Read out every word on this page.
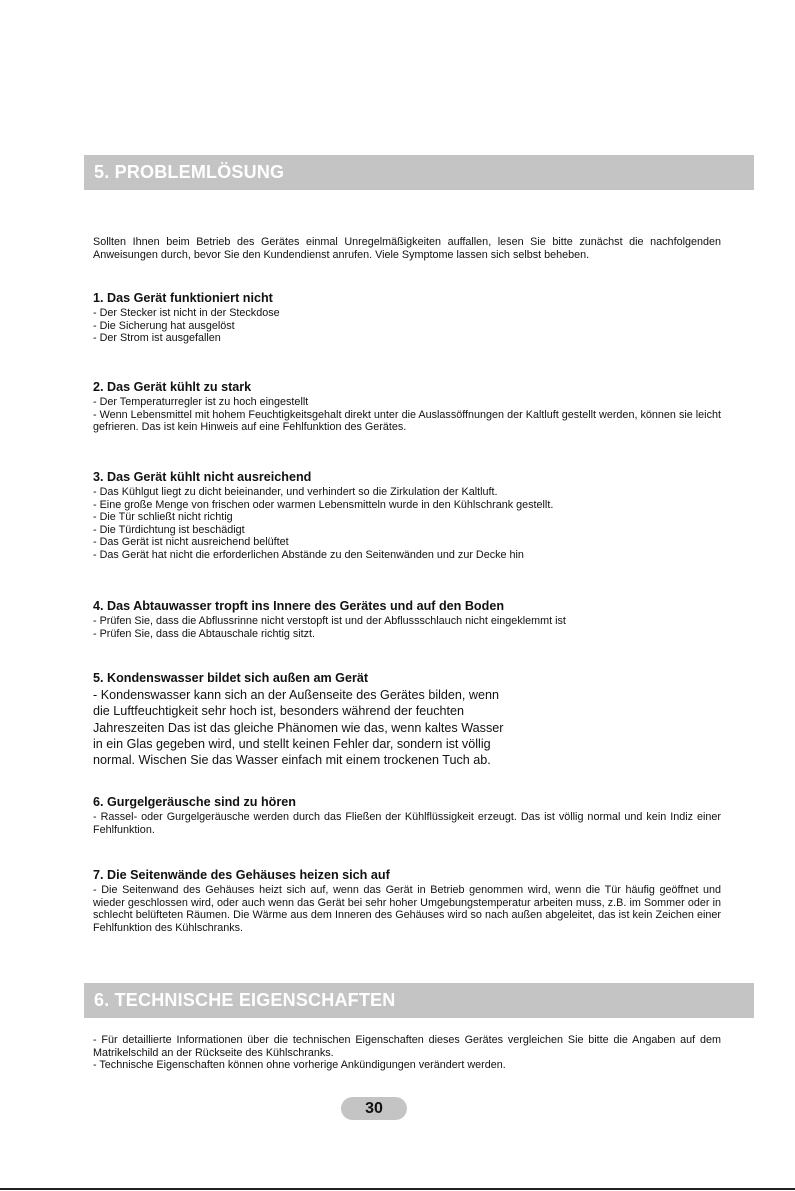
5. PROBLEMLÖSUNG

Sollten Ihnen beim Betrieb des Gerätes einmal Unregelmäßigkeiten auffallen, lesen Sie bitte zunächst die nachfolgenden Anweisungen durch, bevor Sie den Kundendienst anrufen. Viele Symptome lassen sich selbst beheben.

1. Das Gerät funktioniert nicht

- Der Stecker ist nicht in der Steckdose
- Die Sicherung hat ausgelöst
- Der Strom ist ausgefallen

2. Das Gerät kühlt zu stark

- Der Temperaturregler ist zu hoch eingestellt
- Wenn Lebensmittel mit hohem Feuchtigkeitsgehalt direkt unter die Auslassöffnungen der Kaltluft gestellt werden, können sie leicht gefrieren. Das ist kein Hinweis auf eine Fehlfunktion des Gerätes.

3. Das Gerät kühlt nicht ausreichend

- Das Kühlgut liegt zu dicht beieinander, und verhindert so die Zirkulation der Kaltluft.
- Eine große Menge von frischen oder warmen Lebensmitteln wurde in den Kühlschrank gestellt.
- Die Tür schließt nicht richtig
- Die Türdichtung ist beschädigt
- Das Gerät ist nicht ausreichend belüftet
- Das Gerät hat nicht die erforderlichen Abstände zu den Seitenwänden und zur Decke hin

4. Das Abtauwasser tropft ins Innere des Gerätes und auf den Boden

- Prüfen Sie, dass die Abflussrinne nicht verstopft ist und der Abflussschlauch nicht eingeklemmt ist
- Prüfen Sie, dass die Abtauschale richtig sitzt.

5. Kondenswasser bildet sich außen am Gerät

- Kondenswasser kann sich an der Außenseite des Gerätes bilden, wenn
die Luftfeuchtigkeit sehr hoch ist, besonders während der feuchten
Jahreszeiten Das ist das gleiche Phänomen wie das, wenn kaltes Wasser
in ein Glas gegeben wird, und stellt keinen Fehler dar, sondern ist völlig
normal. Wischen Sie das Wasser einfach mit einem trockenen Tuch ab.

6. Gurgelgeräusche sind zu hören

- Rassel- oder Gurgelgeräusche werden durch das Fließen der Kühlflüssigkeit erzeugt. Das ist völlig normal und kein Indiz einer Fehlfunktion.

7. Die Seitenwände des Gehäuses heizen sich auf

- Die Seitenwand des Gehäuses heizt sich auf, wenn das Gerät in Betrieb genommen wird, wenn die Tür häufig geöffnet und wieder geschlossen wird, oder auch wenn das Gerät bei sehr hoher Umgebungstemperatur arbeiten muss, z.B. im Sommer oder in schlecht belüfteten Räumen. Die Wärme aus dem Inneren des Gehäuses wird so nach außen abgeleitet, das ist kein Zeichen einer Fehlfunktion des Kühlschranks.
6. TECHNISCHE EIGENSCHAFTEN
- Für detaillierte Informationen über die technischen Eigenschaften dieses Gerätes vergleichen Sie bitte die Angaben auf dem Matrikelschild an der Rückseite des Kühlschranks.
- Technische Eigenschaften können ohne vorherige Ankündigungen verändert werden.
30
